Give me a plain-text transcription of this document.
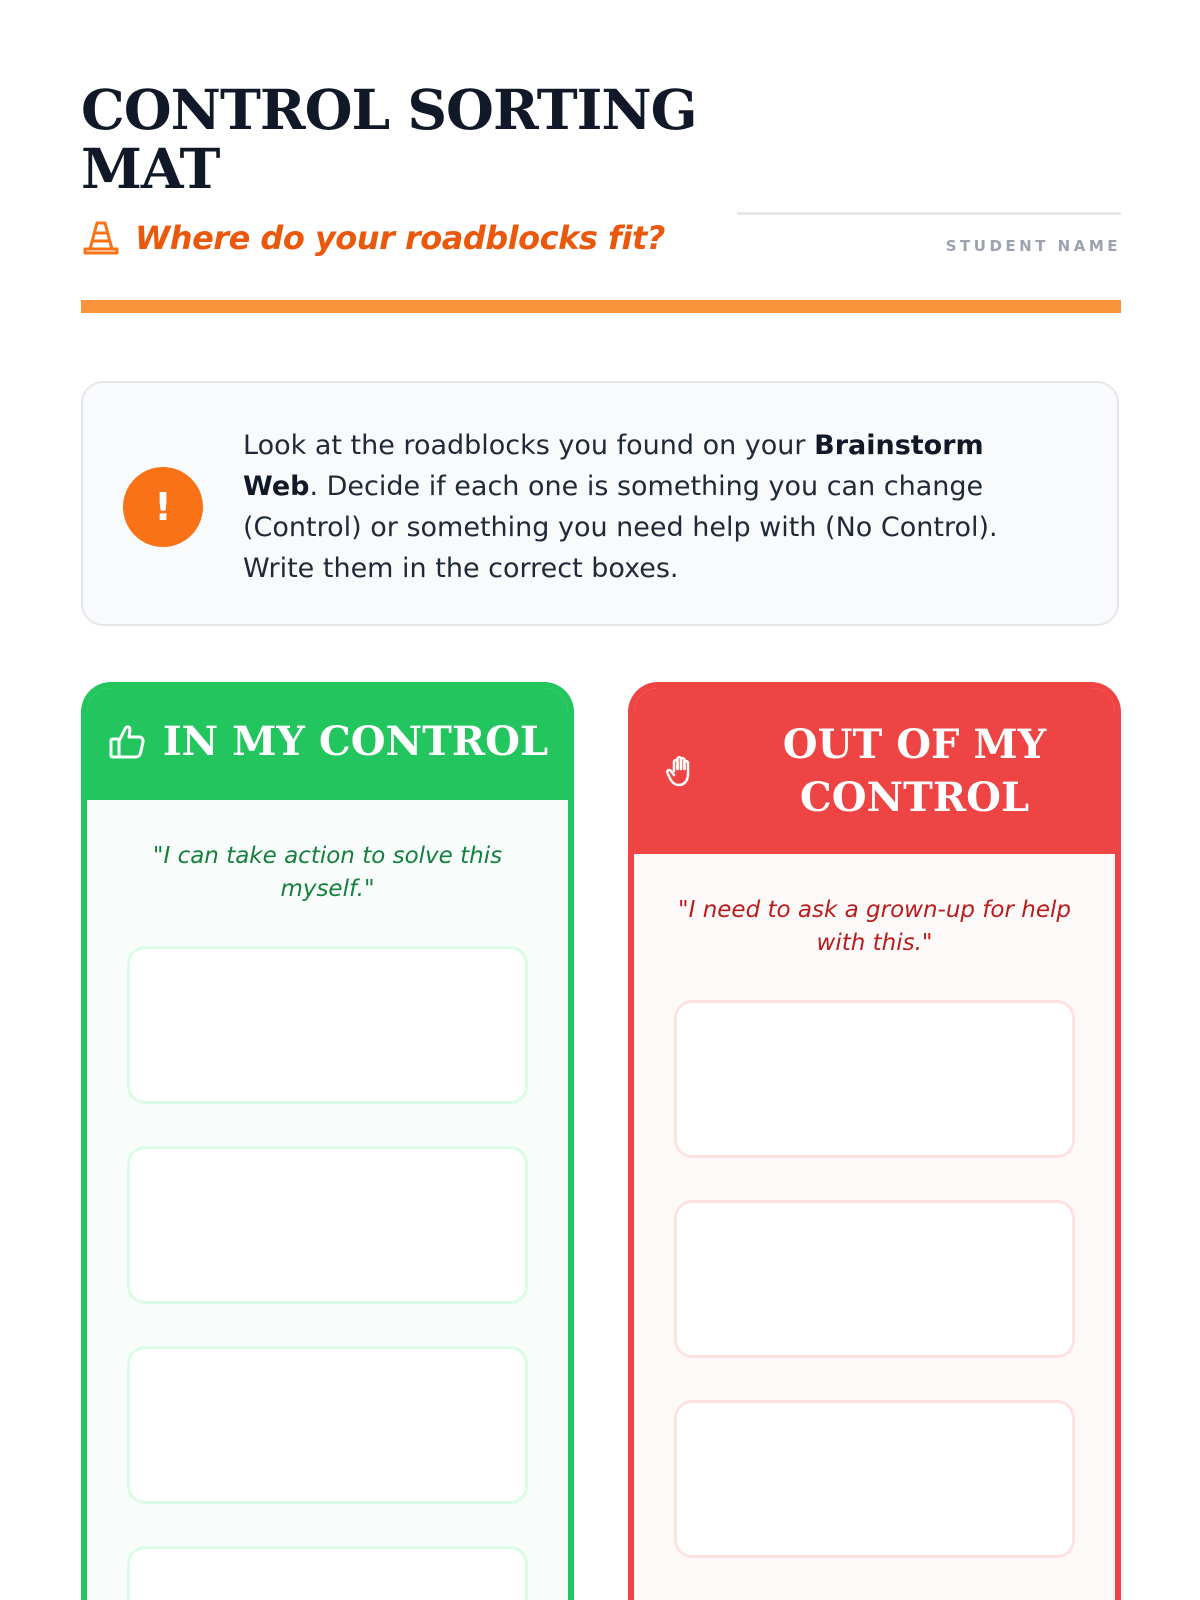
CONTROL SORTING MAT
Where do your roadblocks fit?	STUDENT NAME
!

Look at the roadblocks you found on your Brainstorm Web. Decide if each one is something you can change (Control) or something you need help with (No Control). Write them in the correct boxes.

IN MY CONTROL

"I can take action to solve this myself."

OUT OF MY CONTROL

"I need to ask a grown-up for help with this."
